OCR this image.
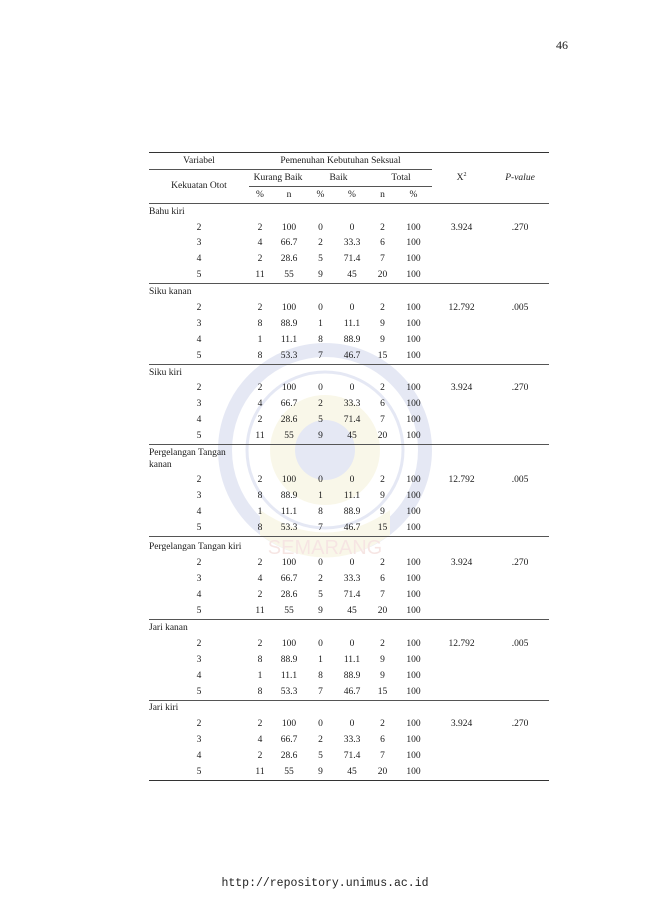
46
SEMARANG
Variabel	Pemenuhan Kebutuhan Seksual						$X^2$	P-value
Kekuatan Otot	Kurang Baik		Baik		Total			
	%	n	%	%	n	%		
Bahu kiri								
2	2	100	0	0	2	100	3.924	.270
3	4	66.7	2	33.3	6	100		
4	2	28.6	5	71.4	7	100		
5	11	55	9	45	20	100		
Siku kanan								
2	2	100	0	0	2	100	12.792	.005
3	8	88.9	1	11.1	9	100		
4	1	11.1	8	88.9	9	100		
5	8	53.3	7	46.7	15	100		
Siku kiri								
2	2	100	0	0	2	100	3.924	.270
3	4	66.7	2	33.3	6	100		
4	2	28.6	5	71.4	7	100		
5	11	55	9	45	20	100		

Pergelangan Tangan kanan								

2	2	100	0	0	2	100	12.792	.005
3	8	88.9	1	11.1	9	100		
4	1	11.1	8	88.9	9	100		
5	8	53.3	7	46.7	15	100		

Pergelangan Tangan kiri								

2	2	100	0	0	2	100	3.924	.270
3	4	66.7	2	33.3	6	100		
4	2	28.6	5	71.4	7	100		
5	11	55	9	45	20	100		
Jari kanan								
2	2	100	0	0	2	100	12.792	.005
3	8	88.9	1	11.1	9	100		
4	1	11.1	8	88.9	9	100		
5	8	53.3	7	46.7	15	100		
Jari kiri								
2	2	100	0	0	2	100	3.924	.270
3	4	66.7	2	33.3	6	100		
4	2	28.6	5	71.4	7	100		
5	11	55	9	45	20	100		
http://repository.unimus.ac.id
